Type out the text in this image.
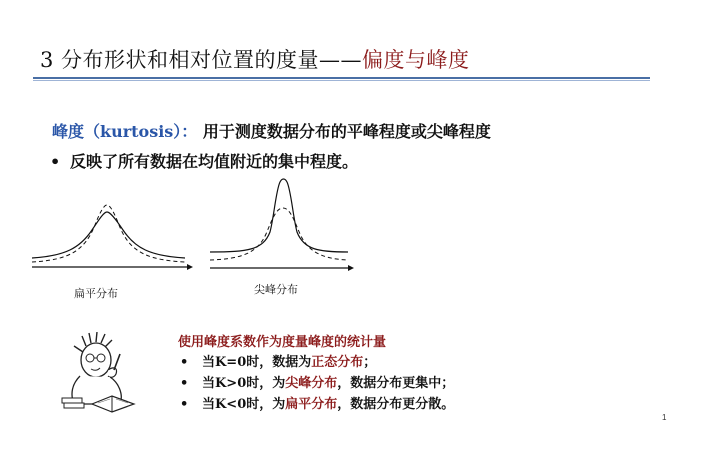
3 分布形状和相对位置的度量——偏度与峰度
峰度（kurtosis）： 用于测度数据分布的平峰程度或尖峰程度
• 反映了所有数据在均值附近的集中程度。
扁平分布	尖峰分布
使用峰度系数作为度量峰度的统计量
• 当K=0时，数据为正态分布；
• 当K>0时，为尖峰分布，数据分布更集中；
• 当K<0时，为扁平分布，数据分布更分散。
1
